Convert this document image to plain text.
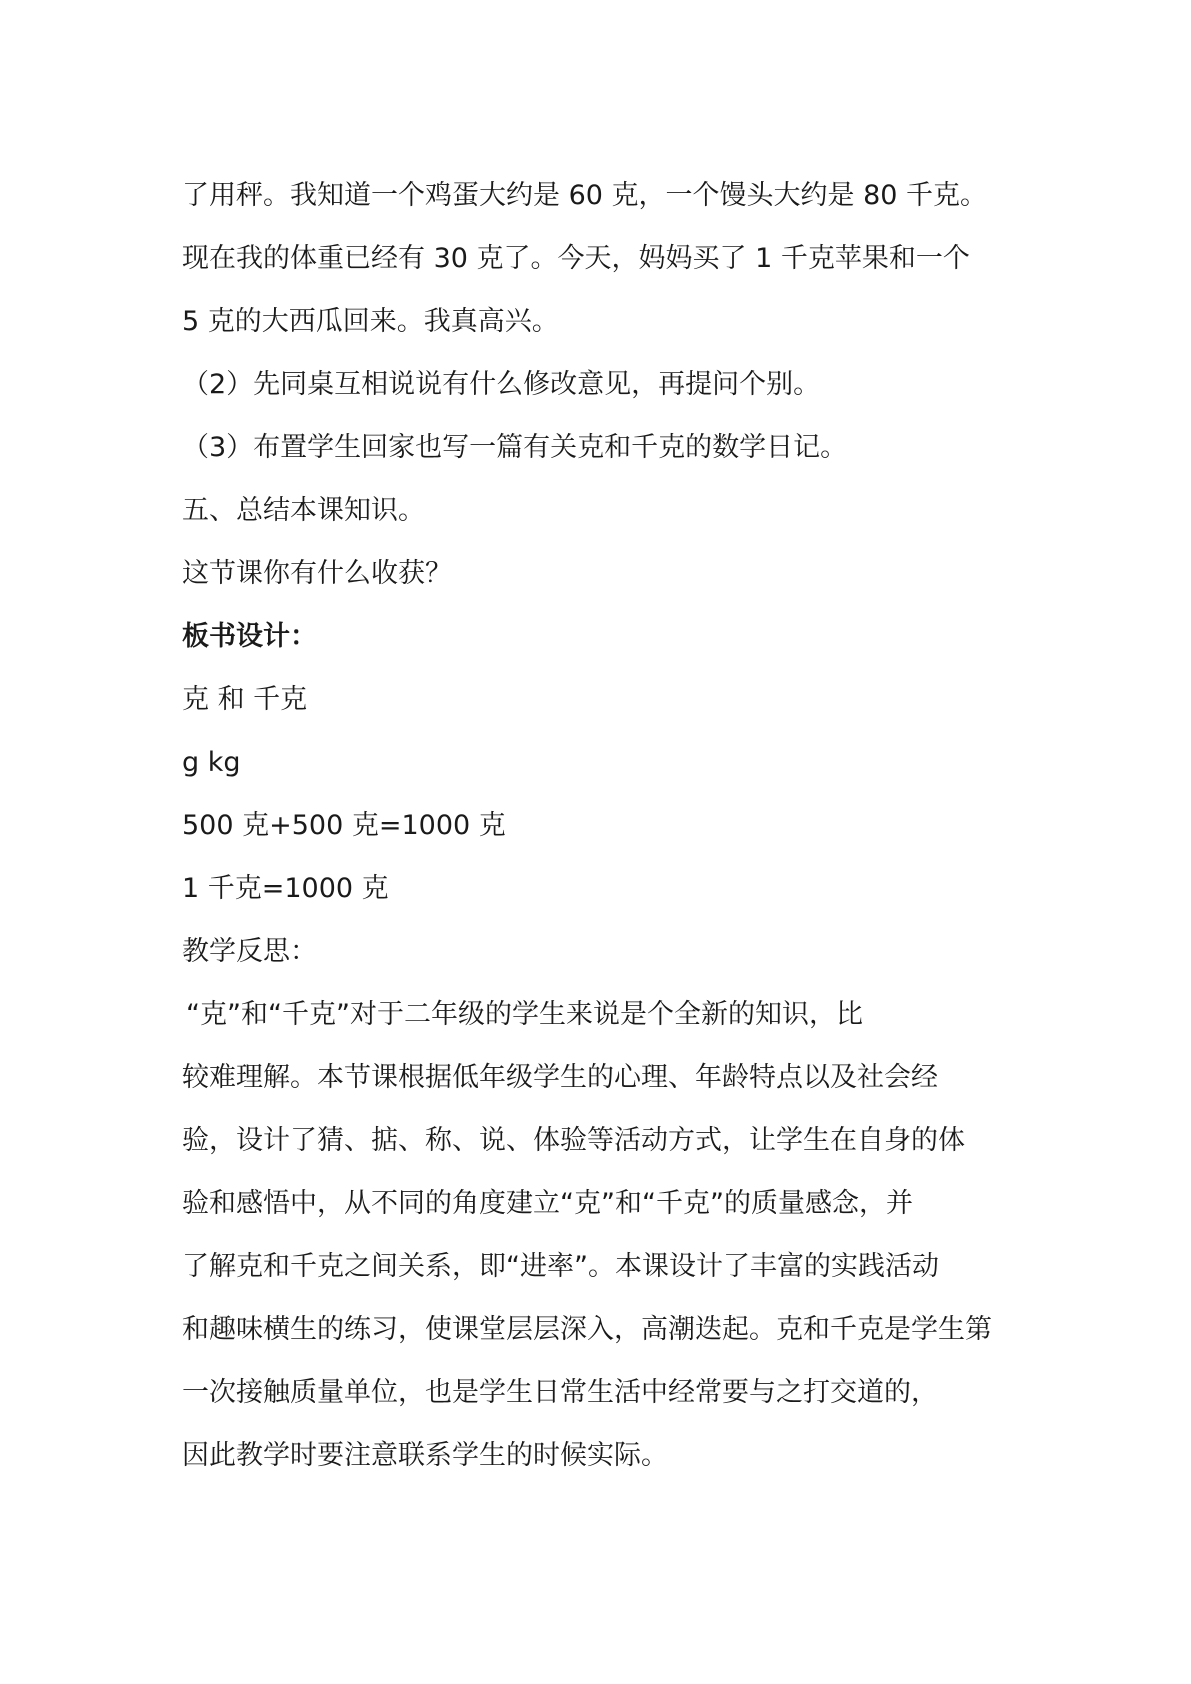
了用秤。我知道一个鸡蛋大约是 60 克，一个馒头大约是 80 千克。
现在我的体重已经有 30 克了。今天，妈妈买了 1 千克苹果和一个
5 克的大西瓜回来。我真高兴。
（2）先同桌互相说说有什么修改意见，再提问个别。
（3）布置学生回家也写一篇有关克和千克的数学日记。
五、总结本课知识。
这节课你有什么收获？
板书设计：
克 和 千克
g kg
500 克+500 克=1000 克
1 千克=1000 克
教学反思：
“克”和“千克”对于二年级的学生来说是个全新的知识，比
较难理解。本节课根据低年级学生的心理、年龄特点以及社会经
验，设计了猜、掂、称、说、体验等活动方式，让学生在自身的体
验和感悟中，从不同的角度建立“克”和“千克”的质量感念，并
了解克和千克之间关系，即“进率”。本课设计了丰富的实践活动
和趣味横生的练习，使课堂层层深入，高潮迭起。克和千克是学生第
一次接触质量单位，也是学生日常生活中经常要与之打交道的，
因此教学时要注意联系学生的时候实际。
